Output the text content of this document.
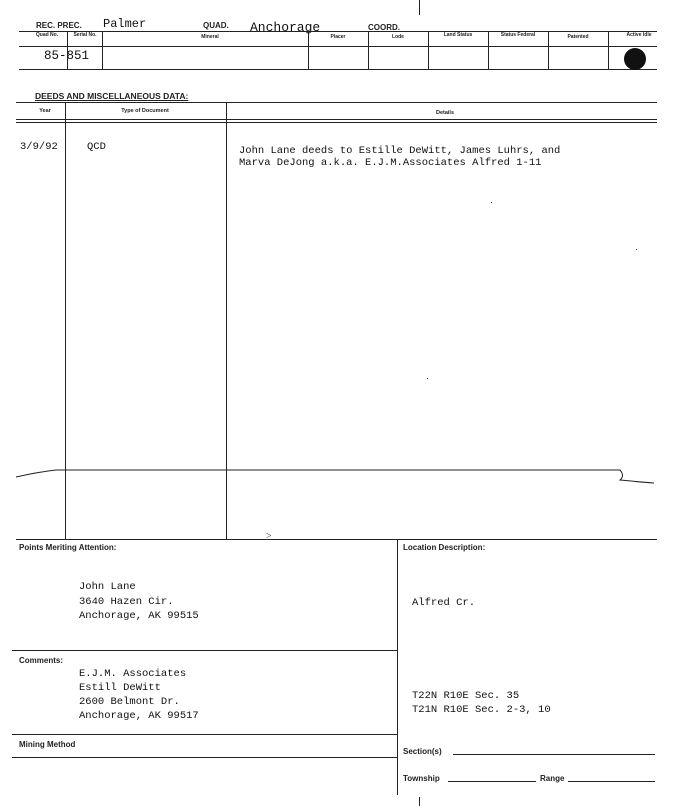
REC. PREC. Palmer	QUAD. Anchorage	COORD.
Quad No.	Serial No.	Mineral	Placer	Lode	Land Status	Status Federal	Patented	Active Idle
85-851
DEEDS AND MISCELLANEOUS DATA:
Year	Type of Document	Details
3/9/92	QCD	John Lane deeds to Estille DeWitt, James Luhrs, and
Marva DeJong a.k.a. E.J.M.Associates Alfred 1-11
˃
Points Meriting Attention:
John Lane
3640 Hazen Cir.
Anchorage, AK 99515
Location Description:
Alfred Cr.
Comments:
E.J.M. Associates
Estill DeWitt
2600 Belmont Dr.
Anchorage, AK 99517
T22N R10E Sec. 35
T21N R10E Sec. 2-3, 10
Mining Method
Section(s)
Township	Range
